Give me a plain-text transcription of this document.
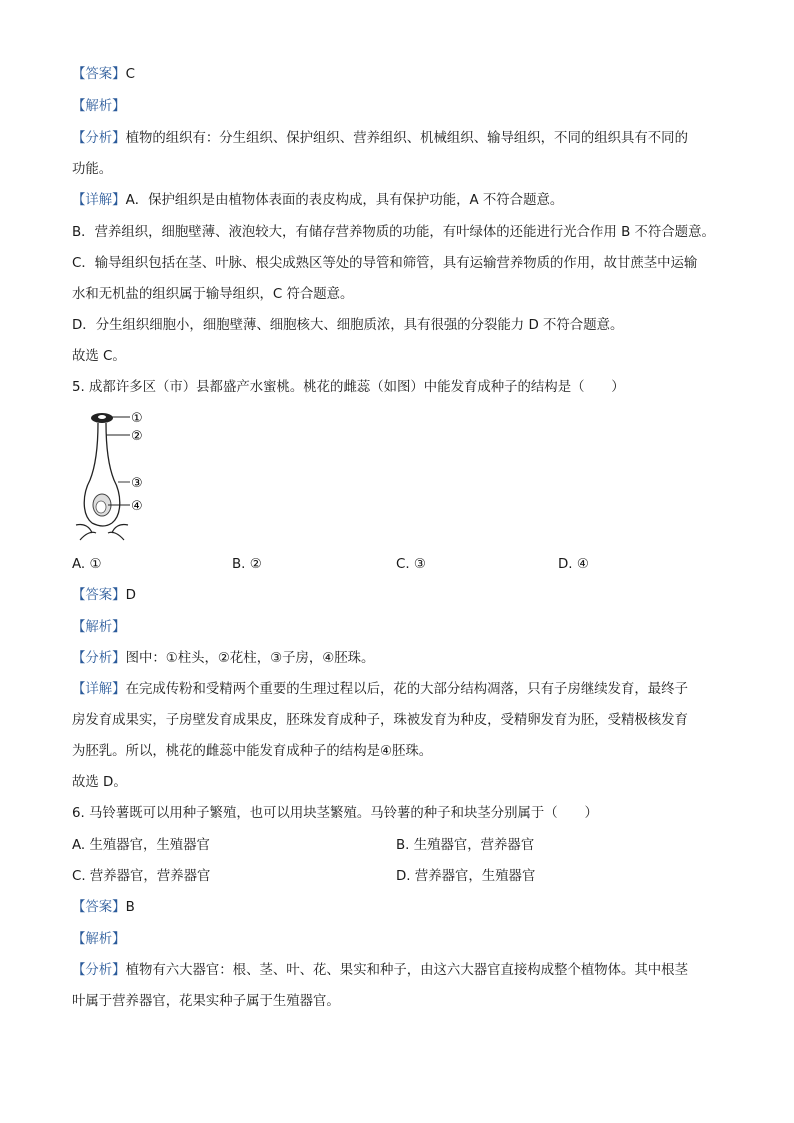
【答案】C
【解析】
【分析】植物的组织有：分生组织、保护组织、营养组织、机械组织、输导组织，不同的组织具有不同的
功能。
【详解】A．保护组织是由植物体表面的表皮构成，具有保护功能，A 不符合题意。
B．营养组织，细胞壁薄、液泡较大，有储存营养物质的功能，有叶绿体的还能进行光合作用 B 不符合题意。
C．输导组织包括在茎、叶脉、根尖成熟区等处的导管和筛管，具有运输营养物质的作用，故甘蔗茎中运输
水和无机盐的组织属于输导组织，C 符合题意。
D．分生组织细胞小，细胞壁薄、细胞核大、细胞质浓，具有很强的分裂能力 D 不符合题意。
故选 C。
5. 成都许多区（市）县都盛产水蜜桃。桃花的雌蕊（如图）中能发育成种子的结构是（　　）
①
②
③
④
A. ①	B. ②	C. ③	D. ④
【答案】D
【解析】
【分析】图中：①柱头，②花柱，③子房，④胚珠。
【详解】在完成传粉和受精两个重要的生理过程以后，花的大部分结构凋落，只有子房继续发育，最终子
房发育成果实，子房壁发育成果皮，胚珠发育成种子，珠被发育为种皮，受精卵发育为胚，受精极核发育
为胚乳。所以，桃花的雌蕊中能发育成种子的结构是④胚珠。
故选 D。
6. 马铃薯既可以用种子繁殖，也可以用块茎繁殖。马铃薯的种子和块茎分别属于（　　）
A. 生殖器官，生殖器官	B. 生殖器官，营养器官
C. 营养器官，营养器官	D. 营养器官，生殖器官
【答案】B
【解析】
【分析】植物有六大器官：根、茎、叶、花、果实和种子，由这六大器官直接构成整个植物体。其中根茎
叶属于营养器官，花果实种子属于生殖器官。
